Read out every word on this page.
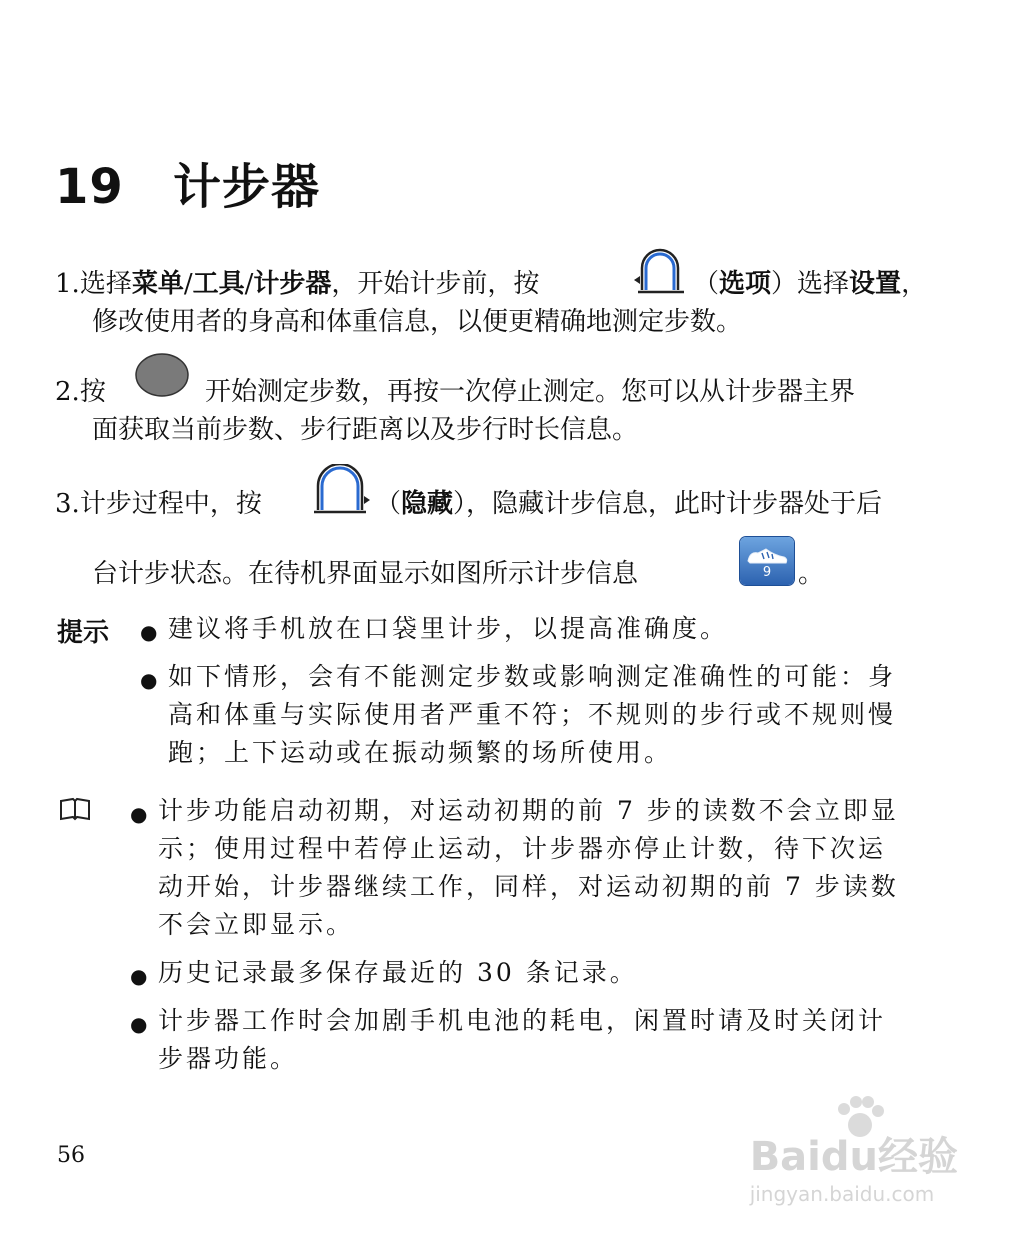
19 计步器
1.选择菜单/工具/计步器，开始计步前，按	（选项）选择设置，
修改使用者的身高和体重信息，以便更精确地测定步数。
2.按	开始测定步数，再按一次停止测定。您可以从计步器主界
面获取当前步数、步行距离以及步行时长信息。
3.计步过程中，按	（隐藏），隐藏计步信息，此时计步器处于后
台计步状态。在待机界面显示如图所示计步信息	9	。
提示 ● 建议将手机放在口袋里计步，以提高准确度。
● 如下情形，会有不能测定步数或影响测定准确性的可能：身
高和体重与实际使用者严重不符；不规则的步行或不规则慢
跑；上下运动或在振动频繁的场所使用。
● 计步功能启动初期，对运动初期的前 7 步的读数不会立即显
示；使用过程中若停止运动，计步器亦停止计数，待下次运
动开始，计步器继续工作，同样，对运动初期的前 7 步读数
不会立即显示。
● 历史记录最多保存最近的 30 条记录。
● 计步器工作时会加剧手机电池的耗电，闲置时请及时关闭计
步器功能。
56	Baidu经验
jingyan.baidu.com
